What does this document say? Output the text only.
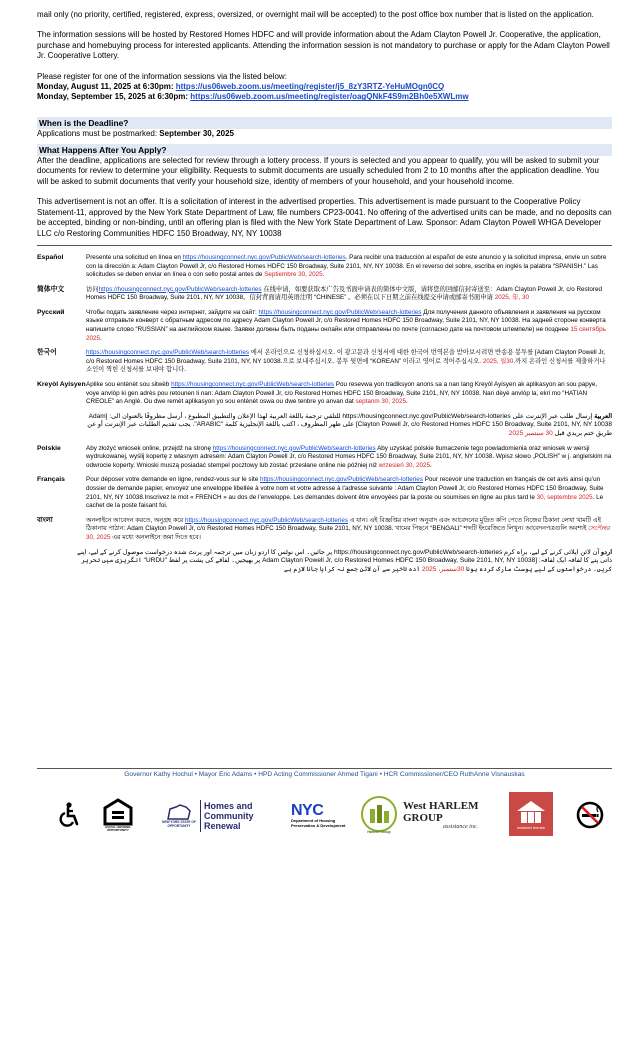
mail only (no priority, certified, registered, express, oversized, or overnight mail will be accepted) to the post office box number that is listed on the application.

The information sessions will be hosted by Restored Homes HDFC and will provide information about the Adam Clayton Powell Jr. Cooperative, the application, purchase and homebuying process for interested applicants. Attending the information session is not mandatory to purchase or apply for the Adam Clayton Powell Jr. Cooperative Lottery.

Please register for one of the information sessions via the listed below:

Monday, August 11, 2025 at 6:30pm: https://us06web.zoom.us/meeting/register/j5_8zY3RTZ-YeHuMOgn0CQ

Monday, September 15, 2025 at 6:30pm: https://us06web.zoom.us/meeting/register/oagQNkF4S9m2Bh0e5XWLmw

When is the Deadline?

Applications must be postmarked: September 30, 2025

What Happens After You Apply?

After the deadline, applications are selected for review through a lottery process. If yours is selected and you appear to qualify, you will be asked to submit your documents for review to determine your eligibility. Requests to submit documents are usually scheduled from 2 to 10 months after the application deadline. You will be asked to submit documents that verify your household size, identity of members of your household, and your household income.

This advertisement is not an offer. It is a solicitation of interest in the advertised properties. This advertisement is made pursuant to the Cooperative Policy Statement-11, approved by the New York State Department of Law, file numbers CP23-0041. No offering of the advertised units can be made, and no deposits can be accepted, binding or non-binding, until an offering plan is filed with the New York State Department of Law. Sponsor: Adam Clayton Powell WHGA Developer LLC c/o Restoring Communities HDFC 150 Broadway, NY, NY 10038

Español	Presente una solicitud en línea en https://housingconnect.nyc.gov/PublicWeb/search-lotteries. Para recibir una traducción al español de este anuncio y la solicitud impresa, envíe un sobre con la dirección a: Adam Clayton Powell Jr, c/o Restored Homes HDFC 150 Broadway, Suite 2101, NY, NY 10038. En el reverso del sobre, escriba en inglés la palabra “SPANISH.” Las solicitudes se deben enviar en línea o con sello postal antes de Septiembre 30, 2025.
简体中文	访问https://housingconnect.nyc.gov/PublicWeb/search-lotteries 在线申请，如要获取本广告及书面申请表的简体中文版，请将您的回邮信封寄送至：Adam Clayton Powell Jr, c/o Restored Homes HDFC 150 Broadway, Suite 2101, NY, NY 10038。信封背面请用英语注明 “CHINESE” 。必须在以下日期之前在线提交申请或邮寄书面申请 2025, 年, 30
Русский	Чтобы подать заявление через интернет, зайдите на сайт: https://housingconnect.nyc.gov/PublicWeb/search-lotteries Для получения данного объявления и заявления на русском языке отправьте конверт с обратным адресом по адресу Adam Clayton Powell Jr, c/o Restored Homes HDFC 150 Broadway, Suite 2101, NY, NY 10038. На задней стороне конверта напишите слово “RUSSIAN” на английском языке. Заявки должны быть поданы онлайн или отправлены по почте (согласно дате на почтовом штемпеле) не позднее 15 сентябрь 2025.
한국어	https://housingconnect.nyc.gov/PublicWeb/search-lotteries 에서 온라인으로 신청하십시오. 이 광고문과 신청서에 대한 한국어 번역본을 받아보시려면 반송용 봉투를 [Adam Clayton Powell Jr, c/o Restored Homes HDFC 150 Broadway, Suite 2101, NY, NY 10038.으로 보내주십시오. 봉투 뒷면에 “KOREAN” 이라고 영어로 적어주십시오. 2025, 월30.까지 온라인 신청서를 제출하거나 소인이 찍힌 신청서를 보내야 합니다.
Kreyòl Ayisyen Aplike sou entènèt sou sitwèb https://housingconnect.nyc.gov/PublicWeb/search-lotteries Pou resevwa yon tradiksyon anons sa a nan lang Kreyòl Ayisyen ak aplikasyon an sou papye, voye anvlòp ki gen adrès pou retounen li nan: Adam Clayton Powell Jr, c/o Restored Homes HDFC 150 Broadway, Suite 2101, NY, NY 10038. Nan dèyè anvlòp la, ekri mo “HATIAN CREOLE” an Anglè. Ou dwe remèt aplikasyon yo sou entènèt oswa ou dwe tenbre yo anvan dat septanm 30, 2025.
العربية إرسال طلب عبر الإنترنت على https://housingconnect.nyc.gov/PublicWeb/search-lotteries للتلقي ترجمة باللغة العربية لهذا الإعلان والتطبيق المطبوع ، أرسل مظروفًا بالعنوان الى: [Adam Clayton Powell Jr, c/o Restored Homes HDFC 150 Broadway, Suite 2101, NY, NY 10038] على ظهر المظروف ، اكتب باللغة الإنجليزية كلمة "ARABIC". يجب تقديم الطلبات عبر الإنترنت أو عن طريق ختم بريدي قبل 30 سبتمبر 2025
Polskie	Aby złożyć wniosek online, przejdź na stronę https://housingconnect.nyc.gov/PublicWeb/search-lotteries Aby uzyskać polskie tłumaczenie tego powiadomienia oraz wniosek w wersji wydrukowanej, wyślij kopertę z własnym adresem: Adam Clayton Powell Jr, c/o Restored Homes HDFC 150 Broadway, Suite 2101, NY, NY 10038. Wpisz słowo „POLISH” w j. angielskim na odwrocie koperty. Wnioski muszą posiadać stempel pocztowy lub zostać przesłane online nie później niż wrzesień 30, 2025.
Français	Pour déposer votre demande en ligne, rendez-vous sur le site https://housingconnect.nyc.gov/PublicWeb/search-lotteries Pour recevoir une traduction en français de cet avis ainsi qu’un dossier de demande papier, envoyez une enveloppe libellée à votre nom et votre adresse à l’adresse suivante : Adam Clayton Powell Jr, c/o Restored Homes HDFC 150 Broadway, Suite 2101, NY, NY 10038.Inscrivez le mot « FRENCH » au dos de l’enveloppe. Les demandes doivent être envoyées par la poste ou soumises en ligne au plus tard le 30, septembre 2025. Le cachet de la poste faisant foi.
বাংলা	অনলাইনে আবেদন করতে, অনুগ্রহ করে https://housingconnect.nyc.gov/PublicWeb/search-lotteries এ যান। এই বিজ্ঞপ্তির বাংলা অনুবাদ এবং আবেদনের মুদ্রিত কপি পেতে নিজের ঠিকানা লেখা খামটি এই ঠিকানায় পাঠান: Adam Clayton Powell Jr, c/o Restored Homes HDFC 150 Broadway, Suite 2101, NY, NY 10038. খামের পিছনে “BENGALI” শব্দটি ইংরেজিতে লিখুন। আবেদনপত্রগুলি অবশ্যই সেপ্টেম্বর 30, 2025 এর মধ্যে অনলাইনে জমা দিতে হবে।
اردو آن لائن اپلائی کرنے کے لیے، براہ کرم https://housingconnect.nyc.gov/PublicWeb/search-lotteries پر جائیں۔ اس نوٹس کا اردو زبان میں ترجمہ اور پرنٹ شدہ درخواست موصول کرنے کے لیے، اپنے ذاتی پتے کا لفافہ ایک لفافہ: [Adam Clayton Powell Jr, c/o Restored Homes HDFC 150 Broadway, Suite 2101, NY, NY 10038 پر بھیجیں۔ لفافے کی پشت پر لفظ "URDU" انگریزی میں تحریر کریں۔ درخواستوں کے لیے پوسٹ مارک کردہ ہونا 30ستمبر، 2025 ادہ تاخیر سے آن لائن جمع نہ کرایا جانا لازم ہے
Governor Kathy Hochul • Mayor Eric Adams • HPD Acting Commissioner Ahmed Tigani • HCR Commissioner/CEO RuthAnne Visnauskas
EQUAL HOUSING OPPORTUNITY
NEW YORK STATE OF OPPORTUNITY
Homes and Community Renewal
NYC
Department of Housing Preservation & Development
Harlem Group
West HARLEM GROUP
assistance inc.	restored homes
